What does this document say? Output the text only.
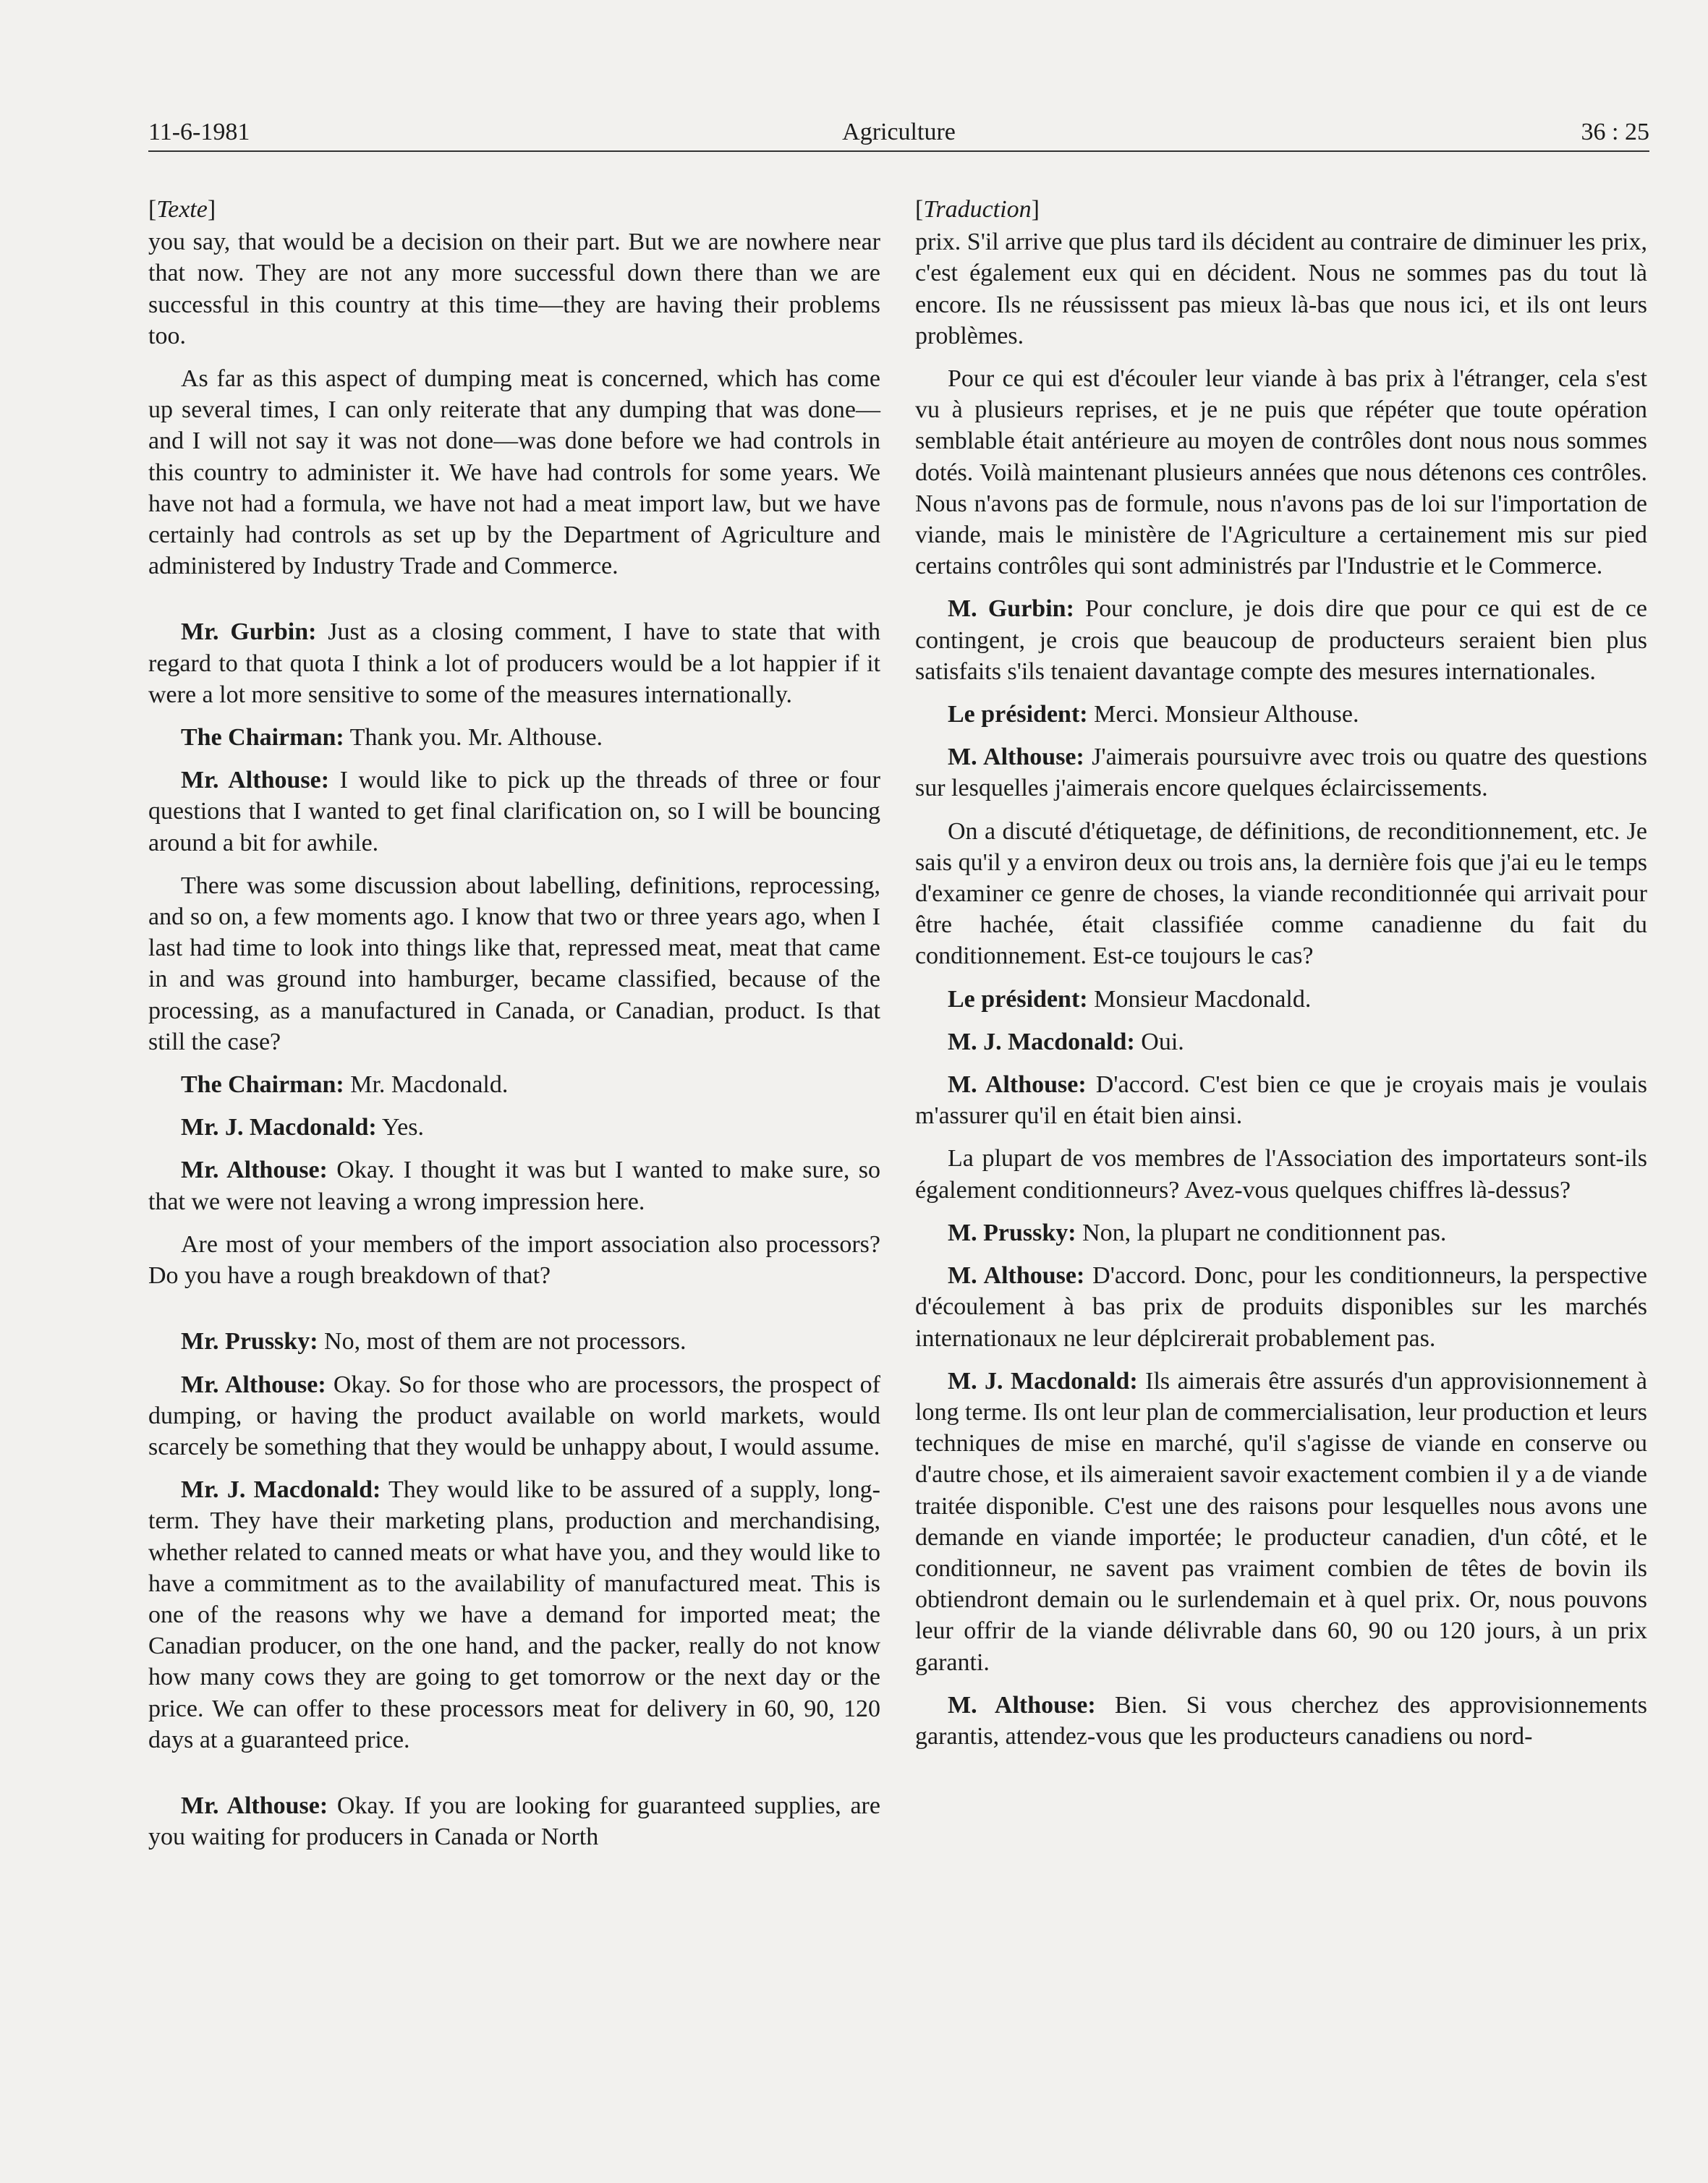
11-6-1981	Agriculture	36 : 25
[Texte]

you say, that would be a decision on their part. But we are nowhere near that now. They are not any more successful down there than we are successful in this country at this time—they are having their problems too.

As far as this aspect of dumping meat is concerned, which has come up several times, I can only reiterate that any dumping that was done—and I will not say it was not done—was done before we had controls in this country to administer it. We have had controls for some years. We have not had a formula, we have not had a meat import law, but we have certainly had controls as set up by the Department of Agriculture and administered by Industry Trade and Commerce.

Mr. Gurbin: Just as a closing comment, I have to state that with regard to that quota I think a lot of producers would be a lot happier if it were a lot more sensitive to some of the measures internationally.

The Chairman: Thank you. Mr. Althouse.

Mr. Althouse: I would like to pick up the threads of three or four questions that I wanted to get final clarification on, so I will be bouncing around a bit for awhile.

There was some discussion about labelling, definitions, reprocessing, and so on, a few moments ago. I know that two or three years ago, when I last had time to look into things like that, repressed meat, meat that came in and was ground into hamburger, became classified, because of the processing, as a manufactured in Canada, or Canadian, product. Is that still the case?

The Chairman: Mr. Macdonald.

Mr. J. Macdonald: Yes.

Mr. Althouse: Okay. I thought it was but I wanted to make sure, so that we were not leaving a wrong impression here.

Are most of your members of the import association also processors? Do you have a rough breakdown of that?

Mr. Prussky: No, most of them are not processors.

Mr. Althouse: Okay. So for those who are processors, the prospect of dumping, or having the product available on world markets, would scarcely be something that they would be unhappy about, I would assume.

Mr. J. Macdonald: They would like to be assured of a supply, long-term. They have their marketing plans, production and merchandising, whether related to canned meats or what have you, and they would like to have a commitment as to the availability of manufactured meat. This is one of the reasons why we have a demand for imported meat; the Canadian producer, on the one hand, and the packer, really do not know how many cows they are going to get tomorrow or the next day or the price. We can offer to these processors meat for delivery in 60, 90, 120 days at a guaranteed price.

Mr. Althouse: Okay. If you are looking for guaranteed supplies, are you waiting for producers in Canada or North

[Traduction]

prix. S'il arrive que plus tard ils décident au contraire de diminuer les prix, c'est également eux qui en décident. Nous ne sommes pas du tout là encore. Ils ne réussissent pas mieux là-bas que nous ici, et ils ont leurs problèmes.

Pour ce qui est d'écouler leur viande à bas prix à l'étranger, cela s'est vu à plusieurs reprises, et je ne puis que répéter que toute opération semblable était antérieure au moyen de contrôles dont nous nous sommes dotés. Voilà maintenant plusieurs années que nous détenons ces contrôles. Nous n'avons pas de formule, nous n'avons pas de loi sur l'importation de viande, mais le ministère de l'Agriculture a certainement mis sur pied certains contrôles qui sont administrés par l'Industrie et le Commerce.

M. Gurbin: Pour conclure, je dois dire que pour ce qui est de ce contingent, je crois que beaucoup de producteurs seraient bien plus satisfaits s'ils tenaient davantage compte des mesures internationales.

Le président: Merci. Monsieur Althouse.

M. Althouse: J'aimerais poursuivre avec trois ou quatre des questions sur lesquelles j'aimerais encore quelques éclaircissements.

On a discuté d'étiquetage, de définitions, de reconditionnement, etc. Je sais qu'il y a environ deux ou trois ans, la dernière fois que j'ai eu le temps d'examiner ce genre de choses, la viande reconditionnée qui arrivait pour être hachée, était classifiée comme canadienne du fait du conditionnement. Est-ce toujours le cas?

Le président: Monsieur Macdonald.

M. J. Macdonald: Oui.

M. Althouse: D'accord. C'est bien ce que je croyais mais je voulais m'assurer qu'il en était bien ainsi.

La plupart de vos membres de l'Association des importateurs sont-ils également conditionneurs? Avez-vous quelques chiffres là-dessus?

M. Prussky: Non, la plupart ne conditionnent pas.

M. Althouse: D'accord. Donc, pour les conditionneurs, la perspective d'écoulement à bas prix de produits disponibles sur les marchés internationaux ne leur déplcirerait probablement pas.

M. J. Macdonald: Ils aimerais être assurés d'un approvisionnement à long terme. Ils ont leur plan de commercialisation, leur production et leurs techniques de mise en marché, qu'il s'agisse de viande en conserve ou d'autre chose, et ils aimeraient savoir exactement combien il y a de viande traitée disponible. C'est une des raisons pour lesquelles nous avons une demande en viande importée; le producteur canadien, d'un côté, et le conditionneur, ne savent pas vraiment combien de têtes de bovin ils obtiendront demain ou le surlendemain et à quel prix. Or, nous pouvons leur offrir de la viande délivrable dans 60, 90 ou 120 jours, à un prix garanti.

M. Althouse: Bien. Si vous cherchez des approvisionnements garantis, attendez-vous que les producteurs canadiens ou nord-
